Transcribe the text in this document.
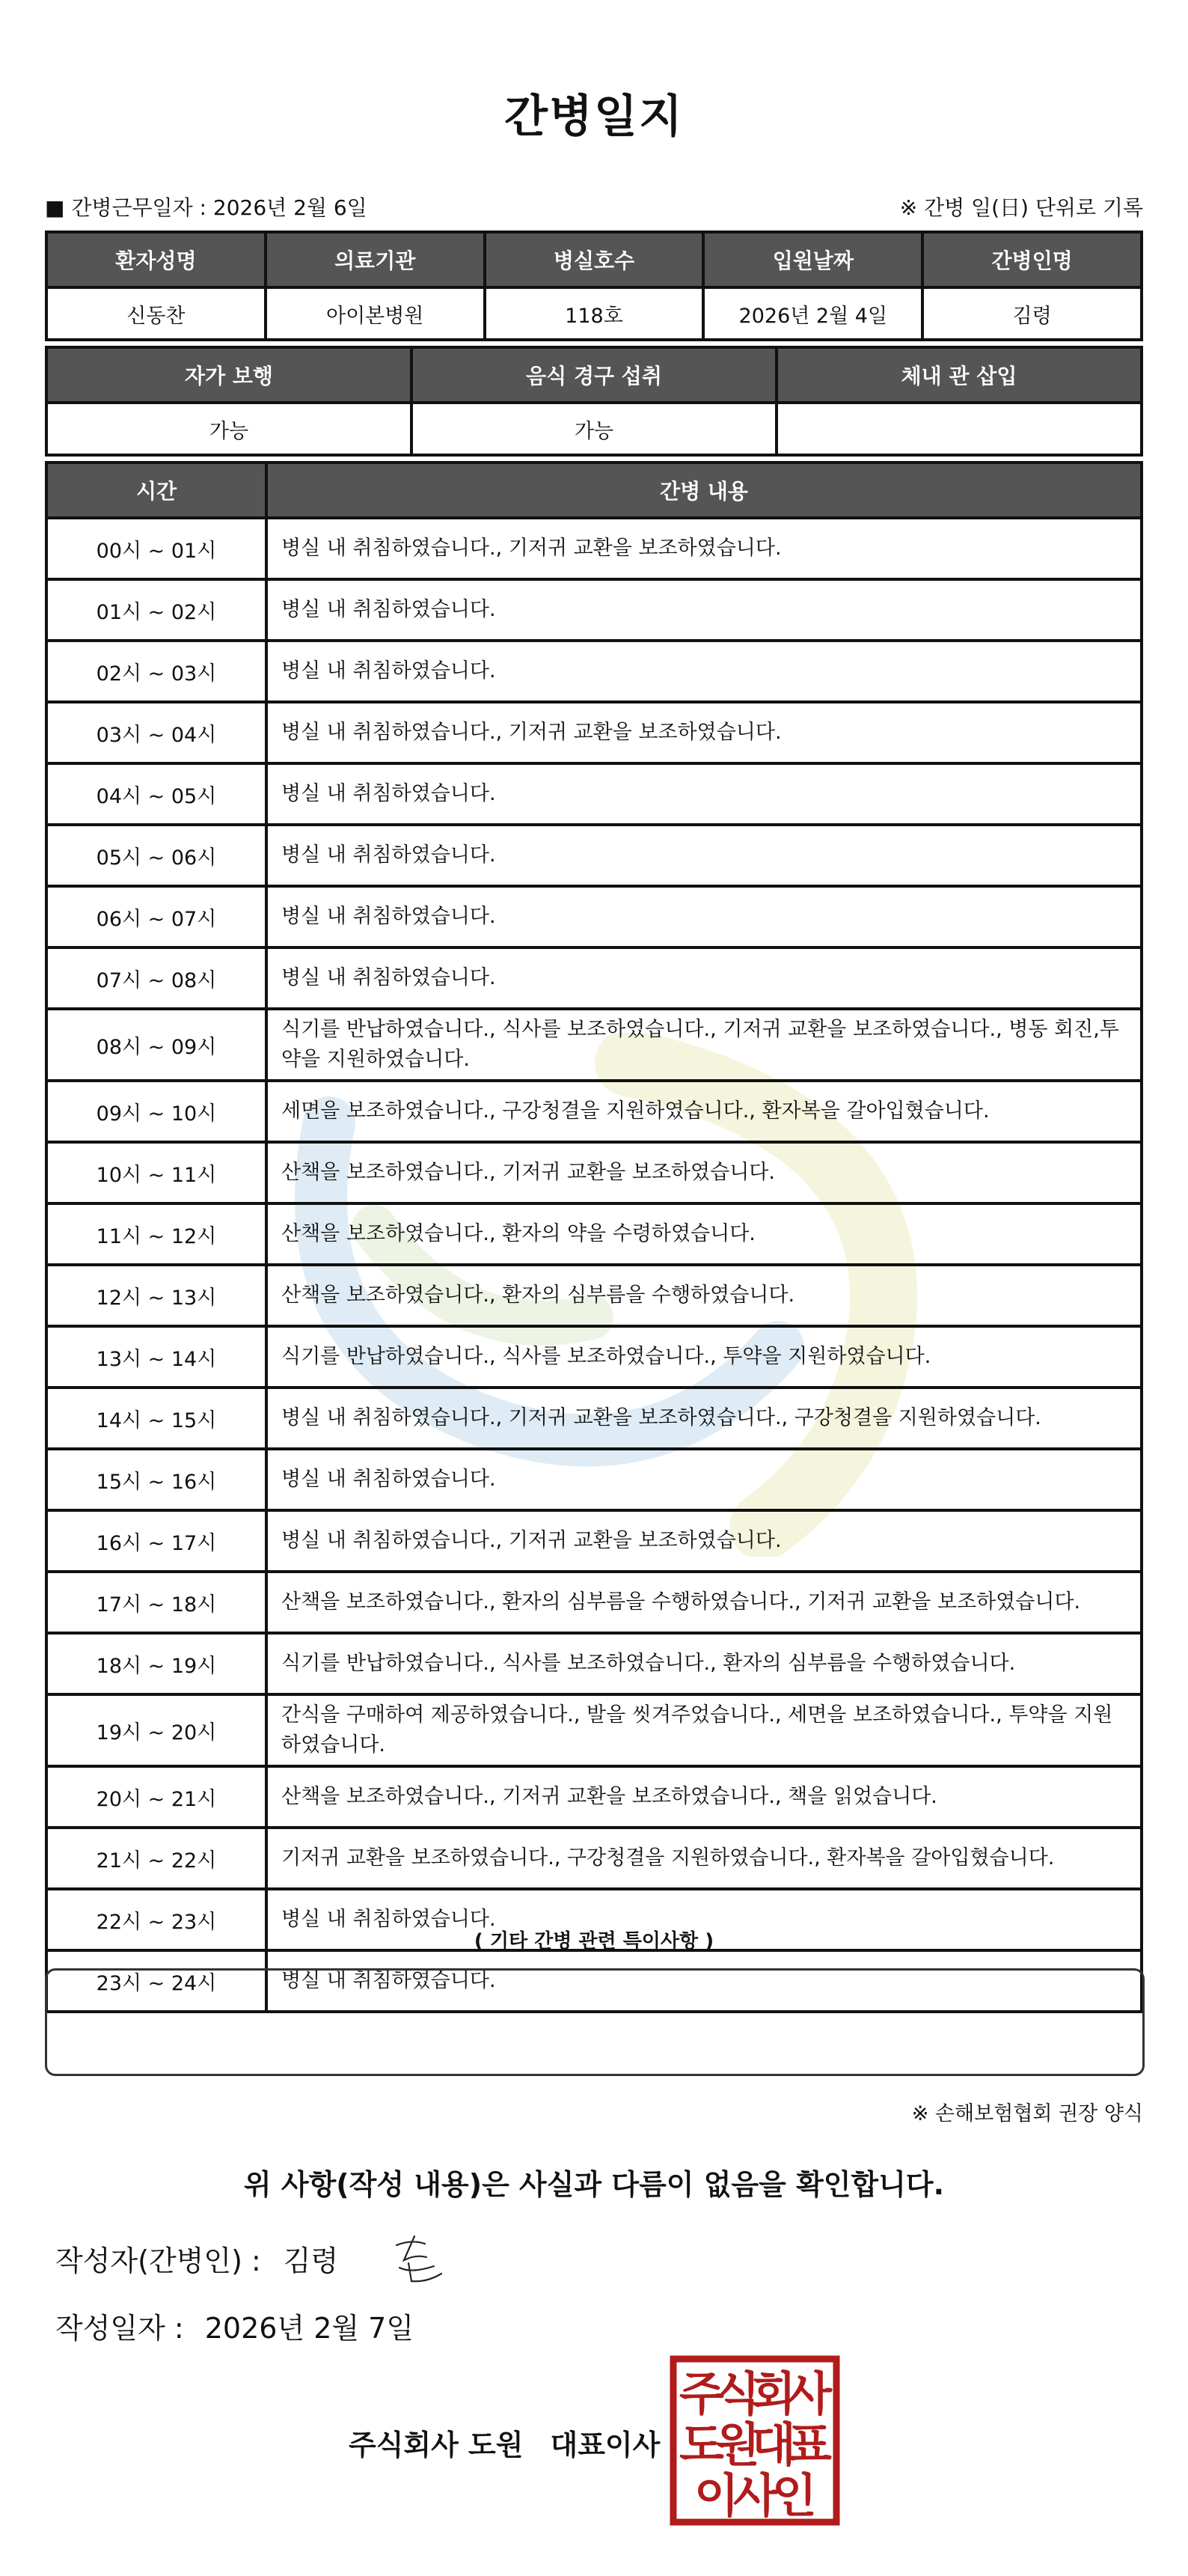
간병일지
■ 간병근무일자 : 2026년 2월 6일	※ 간병 일(日) 단위로 기록
환자성명	의료기관	병실호수	입원날짜	간병인명
신동찬	아이본병원	118호	2026년 2월 4일	김령
자가 보행	음식 경구 섭취	체내 관 삽입
가능	가능	
시간	간병 내용
00시 ~ 01시	병실 내 취침하였습니다., 기저귀 교환을 보조하였습니다.
01시 ~ 02시	병실 내 취침하였습니다.
02시 ~ 03시	병실 내 취침하였습니다.
03시 ~ 04시	병실 내 취침하였습니다., 기저귀 교환을 보조하였습니다.
04시 ~ 05시	병실 내 취침하였습니다.
05시 ~ 06시	병실 내 취침하였습니다.
06시 ~ 07시	병실 내 취침하였습니다.
07시 ~ 08시	병실 내 취침하였습니다.
08시 ~ 09시	식기를 반납하였습니다., 식사를 보조하였습니다., 기저귀 교환을 보조하였습니다., 병동 회진,투약을 지원하였습니다.
09시 ~ 10시	세면을 보조하였습니다., 구강청결을 지원하였습니다., 환자복을 갈아입혔습니다.
10시 ~ 11시	산책을 보조하였습니다., 기저귀 교환을 보조하였습니다.
11시 ~ 12시	산책을 보조하였습니다., 환자의 약을 수령하였습니다.
12시 ~ 13시	산책을 보조하였습니다., 환자의 심부름을 수행하였습니다.
13시 ~ 14시	식기를 반납하였습니다., 식사를 보조하였습니다., 투약을 지원하였습니다.
14시 ~ 15시	병실 내 취침하였습니다., 기저귀 교환을 보조하였습니다., 구강청결을 지원하였습니다.
15시 ~ 16시	병실 내 취침하였습니다.
16시 ~ 17시	병실 내 취침하였습니다., 기저귀 교환을 보조하였습니다.
17시 ~ 18시	산책을 보조하였습니다., 환자의 심부름을 수행하였습니다., 기저귀 교환을 보조하였습니다.
18시 ~ 19시	식기를 반납하였습니다., 식사를 보조하였습니다., 환자의 심부름을 수행하였습니다.
19시 ~ 20시	간식을 구매하여 제공하였습니다., 발을 씻겨주었습니다., 세면을 보조하였습니다., 투약을 지원하였습니다.
20시 ~ 21시	산책을 보조하였습니다., 기저귀 교환을 보조하였습니다., 책을 읽었습니다.
21시 ~ 22시	기저귀 교환을 보조하였습니다., 구강청결을 지원하였습니다., 환자복을 갈아입혔습니다.
22시 ~ 23시	병실 내 취침하였습니다.
23시 ~ 24시	병실 내 취침하였습니다.
( 기타 간병 관련 특이사항 )
※ 손해보험협회 권장 양식
위 사항(작성 내용)은 사실과 다름이 없음을 확인합니다.
작성자(간병인) : 김령
작성일자 : 2026년 2월 7일
주식회사 도원 대표이사
주
식
회
사
도
원
대
표
이
사
인
